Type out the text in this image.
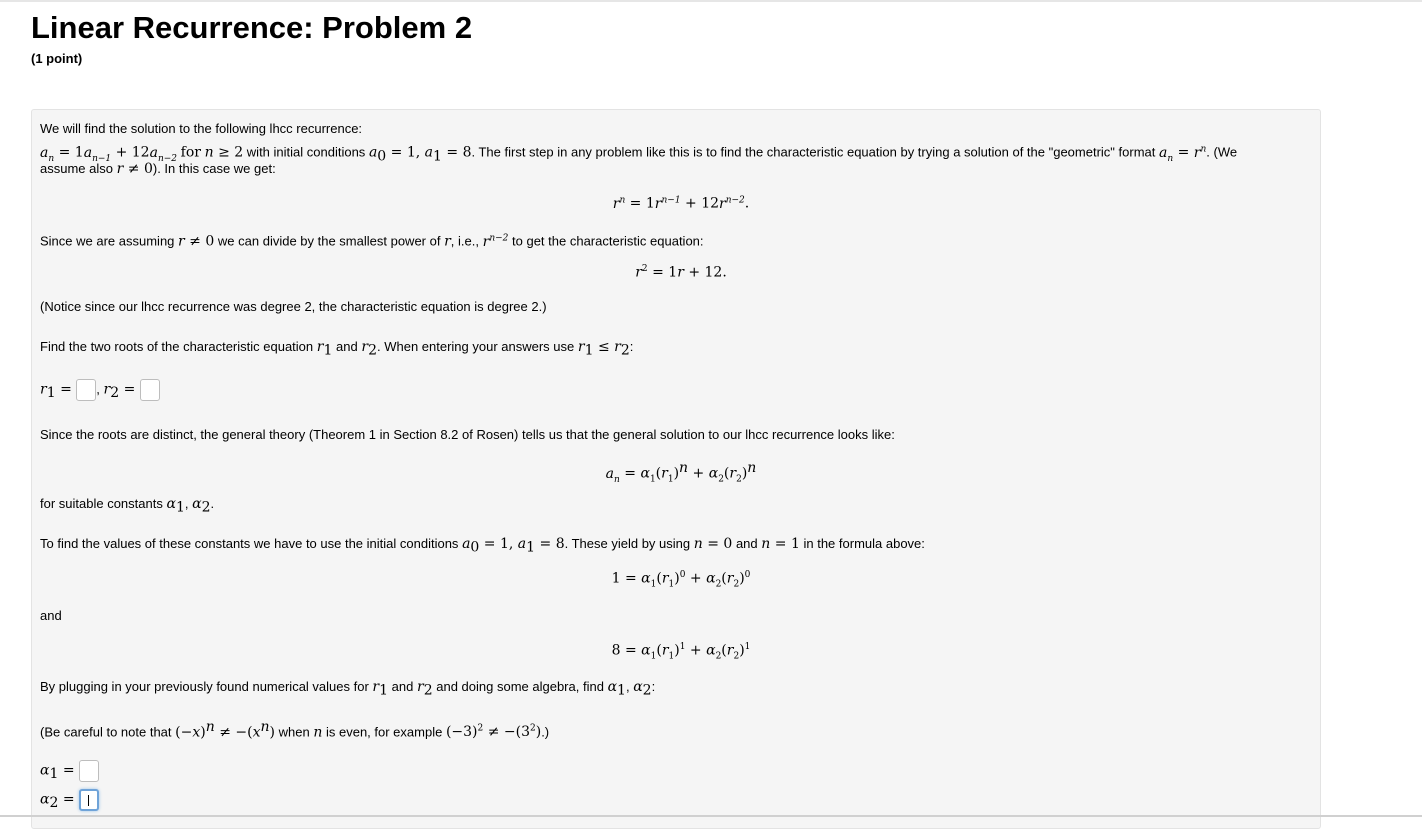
Linear Recurrence: Problem 2
(1 point)
We will find the solution to the following lhcc recurrence:
$a_n = 1a_{n-1} + 12a_{n-2}$ for n ≥ 2 with initial conditions $a_0 = 1$, $a_1 = 8$. The first step in any problem like this is to find the characteristic equation by trying a solution of the "geometric" format $a_n = r^n$. (We
assume also r ≠ 0). In this case we get:
$r^n = 1r^{n-1} + 12r^{n-2}$.
Since we are assuming r ≠ 0 we can divide by the smallest power of r, i.e., $r^{n-2}$ to get the characteristic equation:
$r^2 = 1r + 12$.
(Notice since our lhcc recurrence was degree 2, the characteristic equation is degree 2.)
Find the two roots of the characteristic equation $r_1$ and $r_2$. When entering your answers use $r_1 \le r_2$:
$r_1$ = , $r_2$ =
Since the roots are distinct, the general theory (Theorem 1 in Section 8.2 of Rosen) tells us that the general solution to our lhcc recurrence looks like:
$a_n = \alpha_1(r_1)^n + \alpha_2(r_2)^n$
for suitable constants $\alpha_1$, $\alpha_2$.
To find the values of these constants we have to use the initial conditions $a_0 = 1$, $a_1 = 8$. These yield by using n = 0 and n = 1 in the formula above:
$1 = \alpha_1(r_1)^0 + \alpha_2(r_2)^0$
and
$8 = \alpha_1(r_1)^1 + \alpha_2(r_2)^1$
By plugging in your previously found numerical values for $r_1$ and $r_2$ and doing some algebra, find $\alpha_1$, $\alpha_2$:
(Be careful to note that $(-x)^n \ne -(x^n)$ when n is even, for example $(-3)^2 \ne -(3^2)$.)
$\alpha_1$ =
$\alpha_2$ =
